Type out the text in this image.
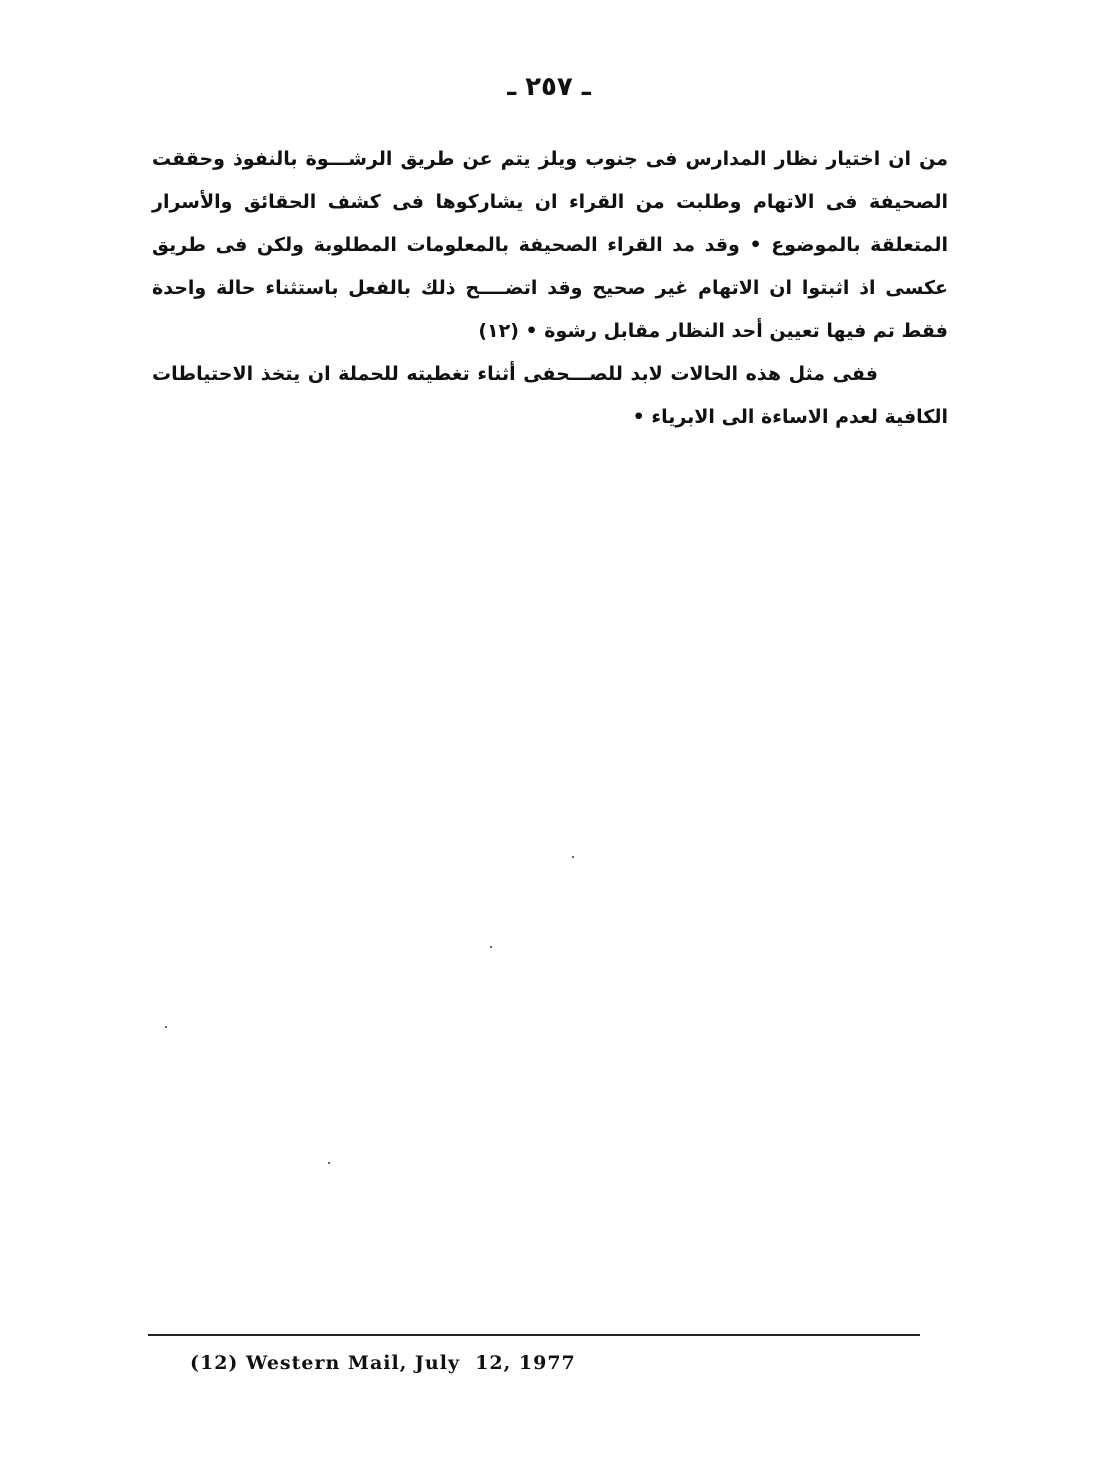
ـ ٢٥٧ ـ

من ان اختيار نظار المدارس فى جنوب ويلز يتم عن طريق الرشـــوة بالنفوذ وحققت الصحيفة فى الاتهام وطلبت من القراء ان يشاركوها فى كشف الحقائق والأسرار المتعلقة بالموضوع • وقد مد القراء الصحيفة بالمعلومات المطلوبة ولكن فى طريق عكسى اذ اثبتوا ان الاتهام غير صحيح وقد اتضــــح ذلك بالفعل باستثناء حالة واحدة فقط تم فيها تعيين أحد النظار مقابل رشوة • (١٢)

ففى مثل هذه الحالات لابد للصـــحفى أثناء تغطيته للحملة ان يتخذ الاحتياطات الكافية لعدم الاساءة الى الابرياء •

(12) Western Mail, July  12, 1977
